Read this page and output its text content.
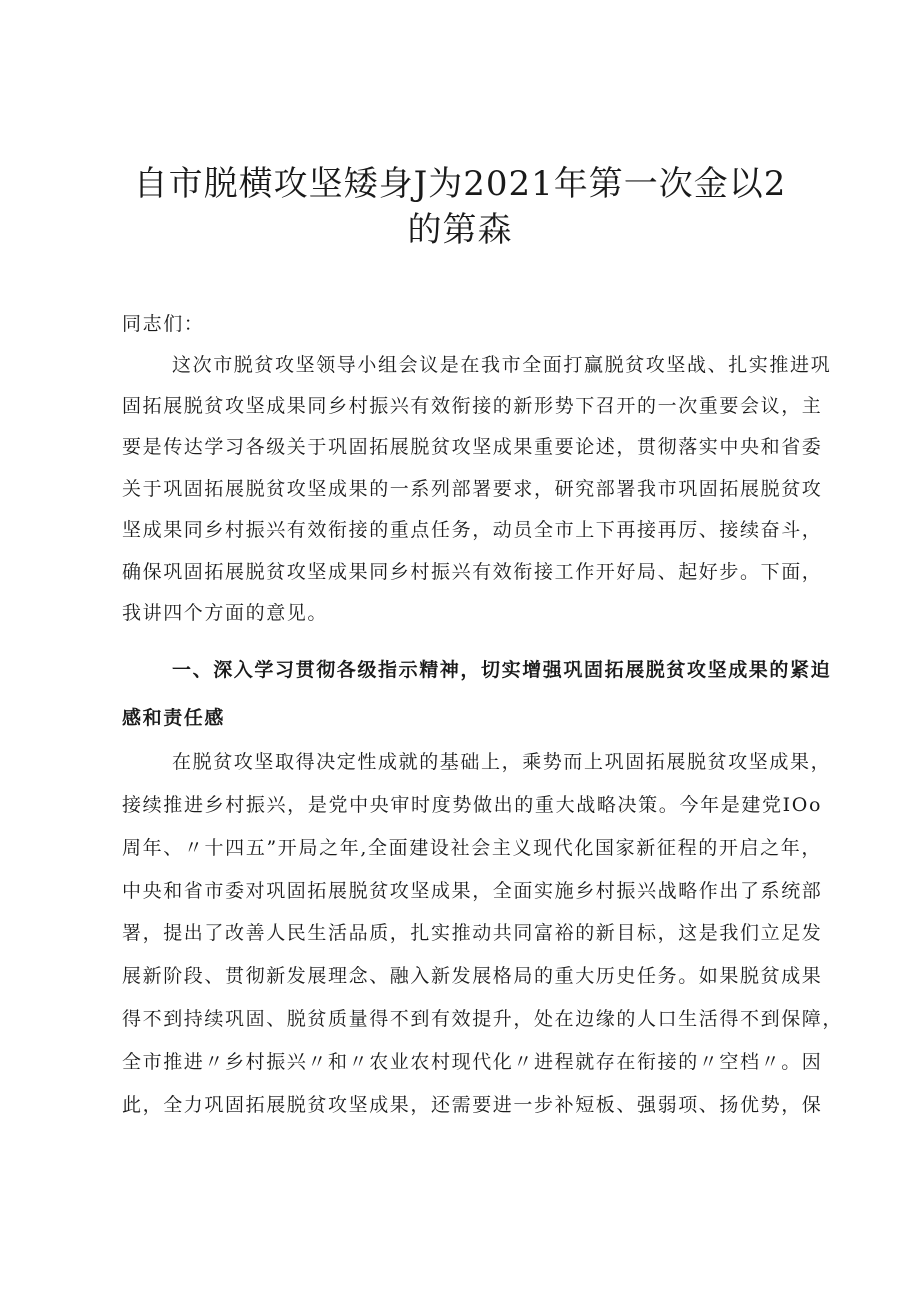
自市脱横攻坚矮身J为2021年第一次金以2
的第森

同志们：

这次市脱贫攻坚领导小组会议是在我市全面打赢脱贫攻坚战、扎实推进巩

固拓展脱贫攻坚成果同乡村振兴有效衔接的新形势下召开的一次重要会议，主

要是传达学习各级关于巩固拓展脱贫攻坚成果重要论述，贯彻落实中央和省委

关于巩固拓展脱贫攻坚成果的一系列部署要求，研究部署我市巩固拓展脱贫攻

坚成果同乡村振兴有效衔接的重点任务，动员全市上下再接再厉、接续奋斗，

确保巩固拓展脱贫攻坚成果同乡村振兴有效衔接工作开好局、起好步。下面，

我讲四个方面的意见。

一、深入学习贯彻各级指示精神，切实增强巩固拓展脱贫攻坚成果的紧迫

感和责任感

在脱贫攻坚取得决定性成就的基础上，乘势而上巩固拓展脱贫攻坚成果，

接续推进乡村振兴，是党中央审时度势做出的重大战略决策。今年是建党IOo

周年、〃十四五”开局之年,全面建设社会主义现代化国家新征程的开启之年，

中央和省市委对巩固拓展脱贫攻坚成果，全面实施乡村振兴战略作出了系统部

署，提出了改善人民生活品质，扎实推动共同富裕的新目标，这是我们立足发

展新阶段、贯彻新发展理念、融入新发展格局的重大历史任务。如果脱贫成果

得不到持续巩固、脱贫质量得不到有效提升，处在边缘的人口生活得不到保障，

全市推进〃乡村振兴〃和〃农业农村现代化〃进程就存在衔接的〃空档〃。因

此，全力巩固拓展脱贫攻坚成果，还需要进一步补短板、强弱项、扬优势，保
